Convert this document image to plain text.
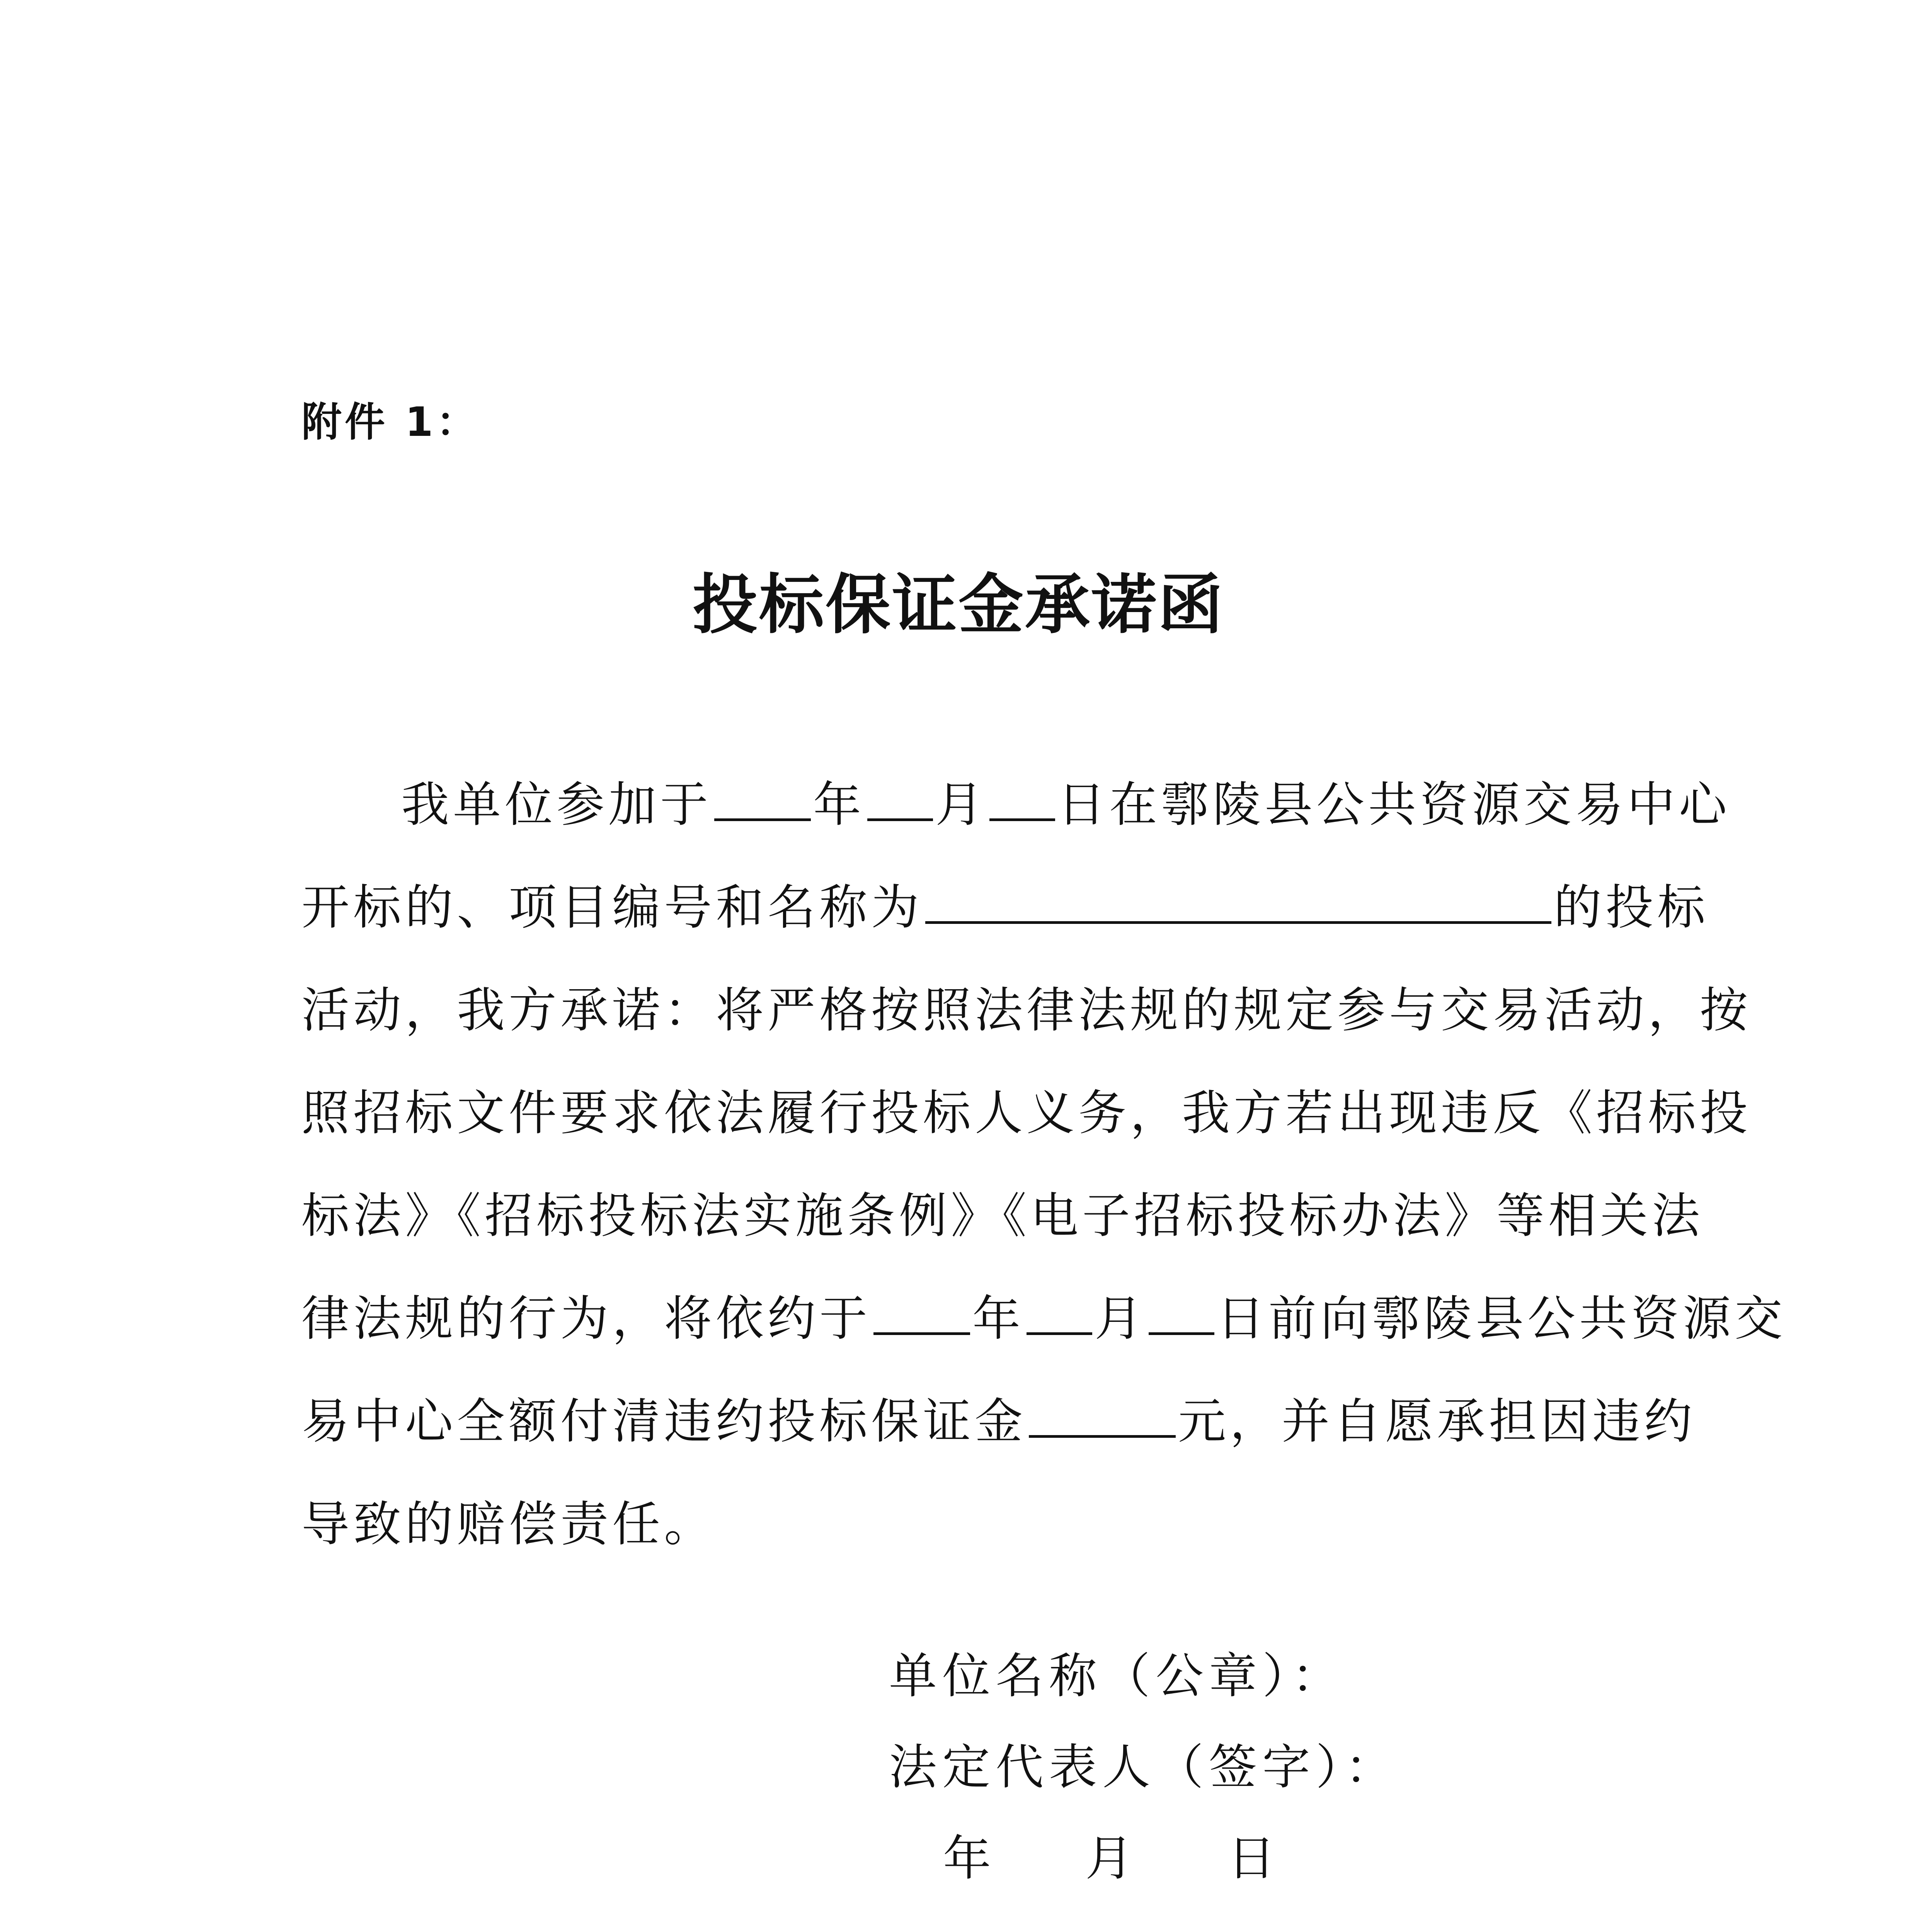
附件 1：
投标保证金承诺函
我单位参加于 年 月 日在鄠陵县公共资源交易中心
开标的、项目编号和名称为	的投标
活动，我方承诺：将严格按照法律法规的规定参与交易活动，按
照招标文件要求依法履行投标人义务，我方若出现违反《招标投
标法》《招标投标法实施条例》《电子招标投标办法》等相关法
律法规的行为，将依约于 年 月 日前向鄠陵县公共资源交
易中心全额付清违约投标保证金	元，并自愿承担因违约
导致的赔偿责任。
单位名称（公章）：
法定代表人（签字）：
年 月 日
